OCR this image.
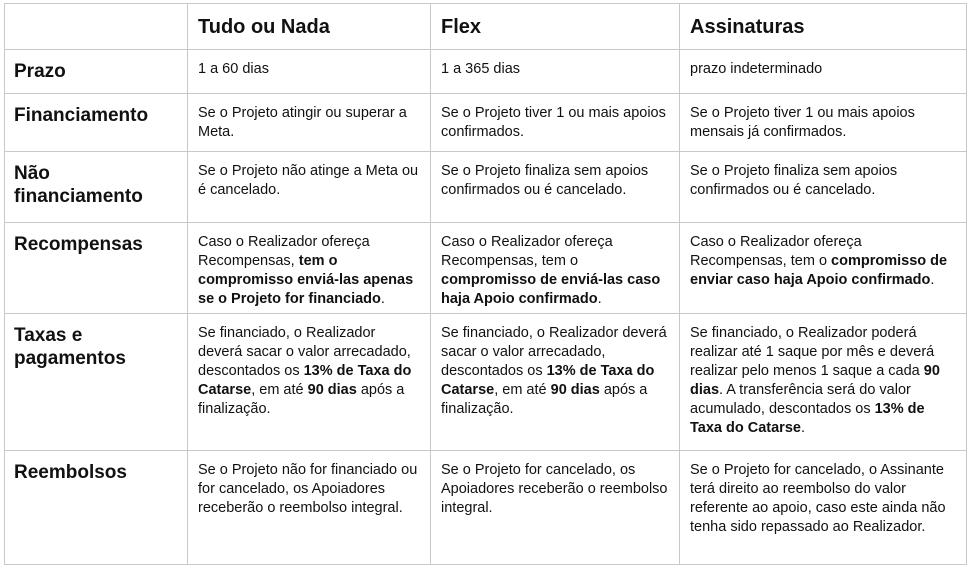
	Tudo ou Nada	Flex	Assinaturas
Prazo	1 a 60 dias	1 a 365 dias	prazo indeterminado
Financiamento	Se o Projeto atingir ou superar a Meta.	Se o Projeto tiver 1 ou mais apoios confirmados.	Se o Projeto tiver 1 ou mais apoios mensais já confirmados.
Não financiamento	Se o Projeto não atinge a Meta ou é cancelado.	Se o Projeto finaliza sem apoios confirmados ou é cancelado.	Se o Projeto finaliza sem apoios confirmados ou é cancelado.
Recompensas	Caso o Realizador ofereça Recompensas, tem o compromisso enviá-las apenas se o Projeto for financiado.	Caso o Realizador ofereça Recompensas, tem o compromisso de enviá-las caso haja Apoio confirmado.	Caso o Realizador ofereça Recompensas, tem o compromisso de enviar caso haja Apoio confirmado.
Taxas e pagamentos	Se financiado, o Realizador deverá sacar o valor arrecadado, descontados os 13% de Taxa do Catarse, em até 90 dias após a finalização.	Se financiado, o Realizador deverá sacar o valor arrecadado, descontados os 13% de Taxa do Catarse, em até 90 dias após a finalização.	Se financiado, o Realizador poderá realizar até 1 saque por mês e deverá realizar pelo menos 1 saque a cada 90 dias. A transferência será do valor acumulado, descontados os 13% de Taxa do Catarse.
Reembolsos	Se o Projeto não for financiado ou for cancelado, os Apoiadores receberão o reembolso integral.	Se o Projeto for cancelado, os Apoiadores receberão o reembolso integral.	Se o Projeto for cancelado, o Assinante terá direito ao reembolso do valor referente ao apoio, caso este ainda não tenha sido repassado ao Realizador.
